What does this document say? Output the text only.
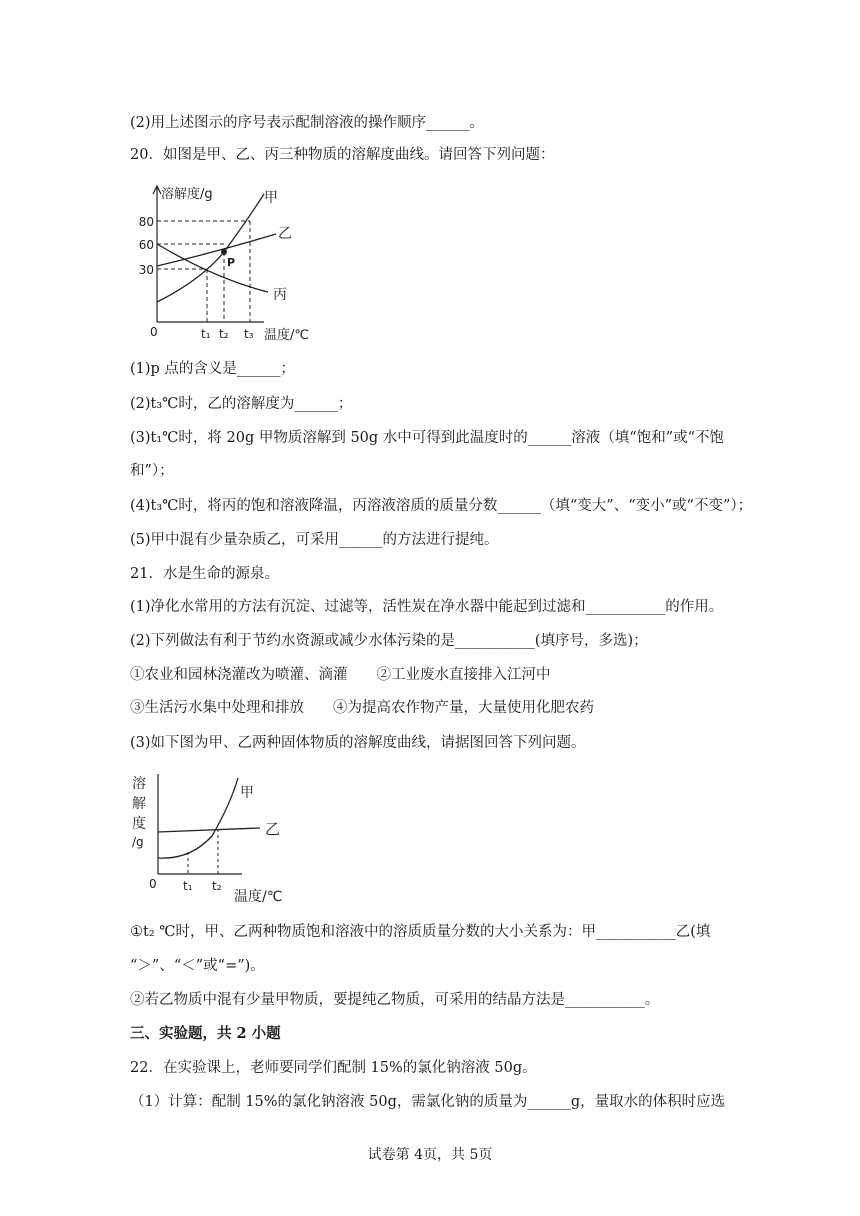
(2)用上述图示的序号表示配制溶液的操作顺序______。
20．如图是甲、乙、丙三种物质的溶解度曲线。请回答下列问题：
溶解度/g
80
60
30
0	t₁ t₂ t₃ 温度/℃
甲
乙
丙
P
(1)p 点的含义是______；
(2)t₃℃时，乙的溶解度为______；
(3)t₁℃时，将 20g 甲物质溶解到 50g 水中可得到此温度时的______溶液（填“饱和”或“不饱
和”）；
(4)t₃℃时，将丙的饱和溶液降温，丙溶液溶质的质量分数______（填“变大”、“变小”或“不变”）；
(5)甲中混有少量杂质乙，可采用______的方法进行提纯。
21．水是生命的源泉。
(1)净化水常用的方法有沉淀、过滤等，活性炭在净水器中能起到过滤和___________的作用。
(2)下列做法有利于节约水资源或减少水体污染的是___________(填序号，多选)；
①农业和园林浇灌改为喷灌、滴灌　　②工业废水直接排入江河中
③生活污水集中处理和排放　　④为提高农作物产量，大量使用化肥农药
(3)如下图为甲、乙两种固体物质的溶解度曲线，请据图回答下列问题。
溶
解
度
/g
0 t₁ t₂
温度/℃
甲
乙
①t₂ ℃时，甲、乙两种物质饱和溶液中的溶质质量分数的大小关系为：甲___________乙(填
“＞”、“＜”或“=”)。
②若乙物质中混有少量甲物质，要提纯乙物质，可采用的结晶方法是___________。
三、实验题，共 2 小题
22．在实验课上，老师要同学们配制 15%的氯化钠溶液 50g。
（1）计算：配制 15%的氯化钠溶液 50g，需氯化钠的质量为______g，量取水的体积时应选
试卷第 4页，共 5页
